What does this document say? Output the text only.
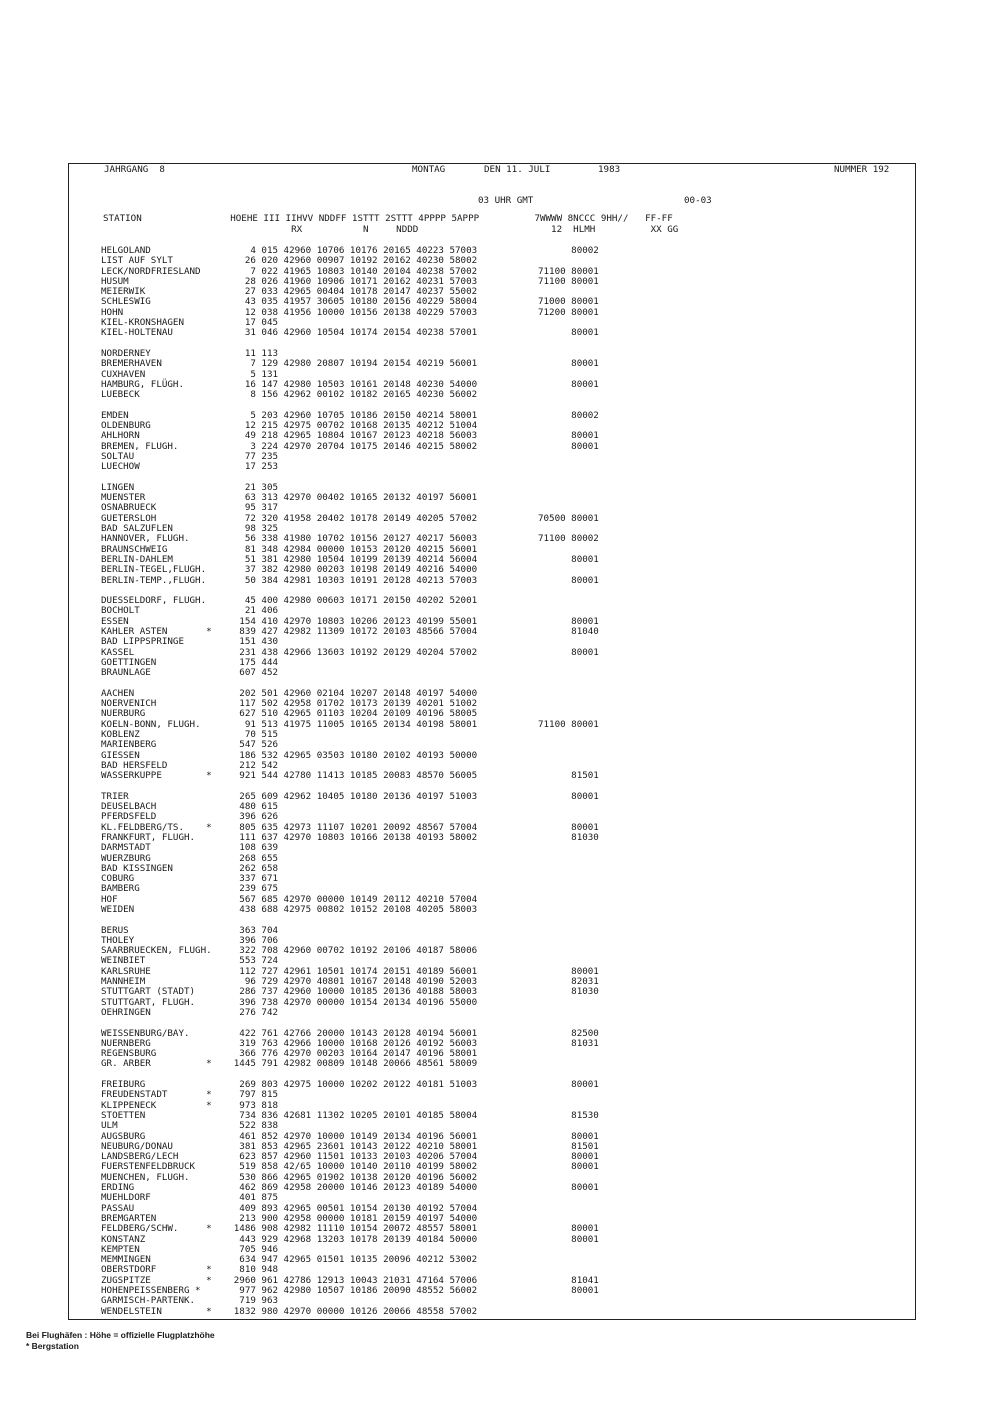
JAHRGANG  8	MONTAG	DEN 11. JULI	1983	NUMMER 192
03 UHR GMT	00-03
STATION                HOEHE III IIHVV NDDFF 1STTT 2STTT 4PPPP 5APPP          7WWWW 8NCCC 9HH//   FF-FF
RX           N     NDDD                        12  HLMH          XX GG
HELGOLAND                  4 015 42960 10706 10176 20165 40223 57003                 80002
LIST AUF SYLT             26 020 42960 00907 10192 20162 40230 58002
LECK/NORDFRIESLAND         7 022 41965 10803 10140 20104 40238 57002           71100 80001
HUSUM                     28 026 41960 10906 10171 20162 40231 57003           71100 80001
MEIERWIK                  27 033 42965 00404 10178 20147 40237 55002
SCHLESWIG                 43 035 41957 30605 10180 20156 40229 58004           71000 80001
HOHN                      12 038 41956 10000 10156 20138 40229 57003           71200 80001
KIEL-KRONSHAGEN           17 045
KIEL-HOLTENAU             31 046 42960 10504 10174 20154 40238 57001                 80001
NORDERNEY                 11 113
BREMERHAVEN                7 129 42980 20807 10194 20154 40219 56001                 80001
CUXHAVEN                   5 131
HAMBURG, FLÜGH.           16 147 42980 10503 10161 20148 40230 54000                 80001
LUEBECK                    8 156 42962 00102 10182 20165 40230 56002
EMDEN                      5 203 42960 10705 10186 20150 40214 58001                 80002
OLDENBURG                 12 215 42975 00702 10168 20135 40212 51004
AHLHORN                   49 218 42965 10804 10167 20123 40218 56003                 80001
BREMEN, FLUGH.             3 224 42970 20704 10175 20146 40215 58002                 80001
SOLTAU                    77 235
LUECHOW                   17 253
LINGEN                    21 305
MUENSTER                  63 313 42970 00402 10165 20132 40197 56001
OSNABRUECK                95 317
GUETERSLOH                72 320 41958 20402 10178 20149 40205 57002           70500 80001
BAD SALZUFLEN             98 325
HANNOVER, FLUGH.          56 338 41980 10702 10156 20127 40217 56003           71100 80002
BRAUNSCHWEIG              81 348 42984 00000 10153 20120 40215 56001
BERLIN-DAHLEM             51 381 42980 10504 10199 20139 40214 56004                 80001
BERLIN-TEGEL,FLUGH.       37 382 42980 00203 10198 20149 40216 54000
BERLIN-TEMP.,FLUGH.       50 384 42981 10303 10191 20128 40213 57003                 80001
DUESSELDORF, FLUGH.       45 400 42980 00603 10171 20150 40202 52001
BOCHOLT                   21 406
ESSEN                    154 410 42970 10803 10206 20123 40199 55001                 80001
KAHLER ASTEN       *     839 427 42982 11309 10172 20103 48566 57004                 81040
BAD LIPPSPRINGE          151 430
KASSEL                   231 438 42966 13603 10192 20129 40204 57002                 80001
GOETTINGEN               175 444
BRAUNLAGE                607 452
AACHEN                   202 501 42960 02104 10207 20148 40197 54000
NOERVENICH               117 502 42958 01702 10173 20139 40201 51002
NUERBURG                 627 510 42965 01103 10204 20109 40196 58005
KOELN-BONN, FLUGH.        91 513 41975 11005 10165 20134 40198 58001           71100 80001
KOBLENZ                   70 515
MARIENBERG               547 526
GIESSEN                  186 532 42965 03503 10180 20102 40193 50000
BAD HERSFELD             212 542
WASSERKUPPE        *     921 544 42780 11413 10185 20083 48570 56005                 81501
TRIER                    265 609 42962 10405 10180 20136 40197 51003                 80001
DEUSELBACH               480 615
PFERDSFELD               396 626
KL.FELDBERG/TS.    *     805 635 42973 11107 10201 20092 48567 57004                 80001
FRANKFURT, FLUGH.        111 637 42970 10803 10166 20138 40193 58002                 81030
DARMSTADT                108 639
WUERZBURG                268 655
BAD KISSINGEN            262 658
COBURG                   337 671
BAMBERG                  239 675
HOF                      567 685 42970 00000 10149 20112 40210 57004
WEIDEN                   438 688 42975 00802 10152 20108 40205 58003
BERUS                    363 704
THOLEY                   396 706
SAARBRUECKEN, FLUGH.     322 708 42960 00702 10192 20106 40187 58006
WEINBIET                 553 724
KARLSRUHE                112 727 42961 10501 10174 20151 40189 56001                 80001
MANNHEIM                  96 729 42970 40801 10167 20148 40190 52003                 82031
STUTTGART (STADT)        286 737 42960 10000 10185 20136 40188 58003                 81030
STUTTGART, FLUGH.        396 738 42970 00000 10154 20134 40196 55000
OEHRINGEN                276 742
WEISSENBURG/BAY.         422 761 42766 20000 10143 20128 40194 56001                 82500
NUERNBERG                319 763 42966 10000 10168 20126 40192 56003                 81031
REGENSBURG               366 776 42970 00203 10164 20147 40196 58001
GR. ARBER          *    1445 791 42982 00809 10148 20066 48561 58009
FREIBURG                 269 803 42975 10000 10202 20122 40181 51003                 80001
FREUDENSTADT       *     797 815
KLIPPENECK         *     973 818
STOETTEN                 734 836 42681 11302 10205 20101 40185 58004                 81530
ULM                      522 838
AUGSBURG                 461 852 42970 10000 10149 20134 40196 56001                 80001
NEUBURG/DONAU            381 853 42965 23601 10143 20122 40210 58001                 81501
LANDSBERG/LECH           623 857 42960 11501 10133 20103 40206 57004                 80001
FUERSTENFELDBRUCK        519 858 42/65 10000 10140 20110 40199 58002                 80001
MUENCHEN, FLUGH.         530 866 42965 01902 10138 20120 40196 56002
ERDING                   462 869 42958 20000 10146 20123 40189 54000                 80001
MUEHLDORF                401 875
PASSAU                   409 893 42965 00501 10154 20130 40192 57004
BREMGARTEN               213 900 42958 00000 10181 20159 40197 54000
FELDBERG/SCHW.     *    1486 908 42982 11110 10154 20072 48557 58001                 80001
KONSTANZ                 443 929 42968 13203 10178 20139 40184 50000                 80001
KEMPTEN                  705 946
MEMMINGEN                634 947 42965 01501 10135 20096 40212 53002
OBERSTDORF         *     810 948
ZUGSPITZE          *    2960 961 42786 12913 10043 21031 47164 57006                 81041
HOHENPEISSENBERG *       977 962 42980 10507 10186 20090 48552 56002                 80001
GARMISCH-PARTENK.        719 963
WENDELSTEIN        *    1832 980 42970 00000 10126 20066 48558 57002
Bei Flughäfen : Höhe = offizielle Flugplatzhöhe
* Bergstation
